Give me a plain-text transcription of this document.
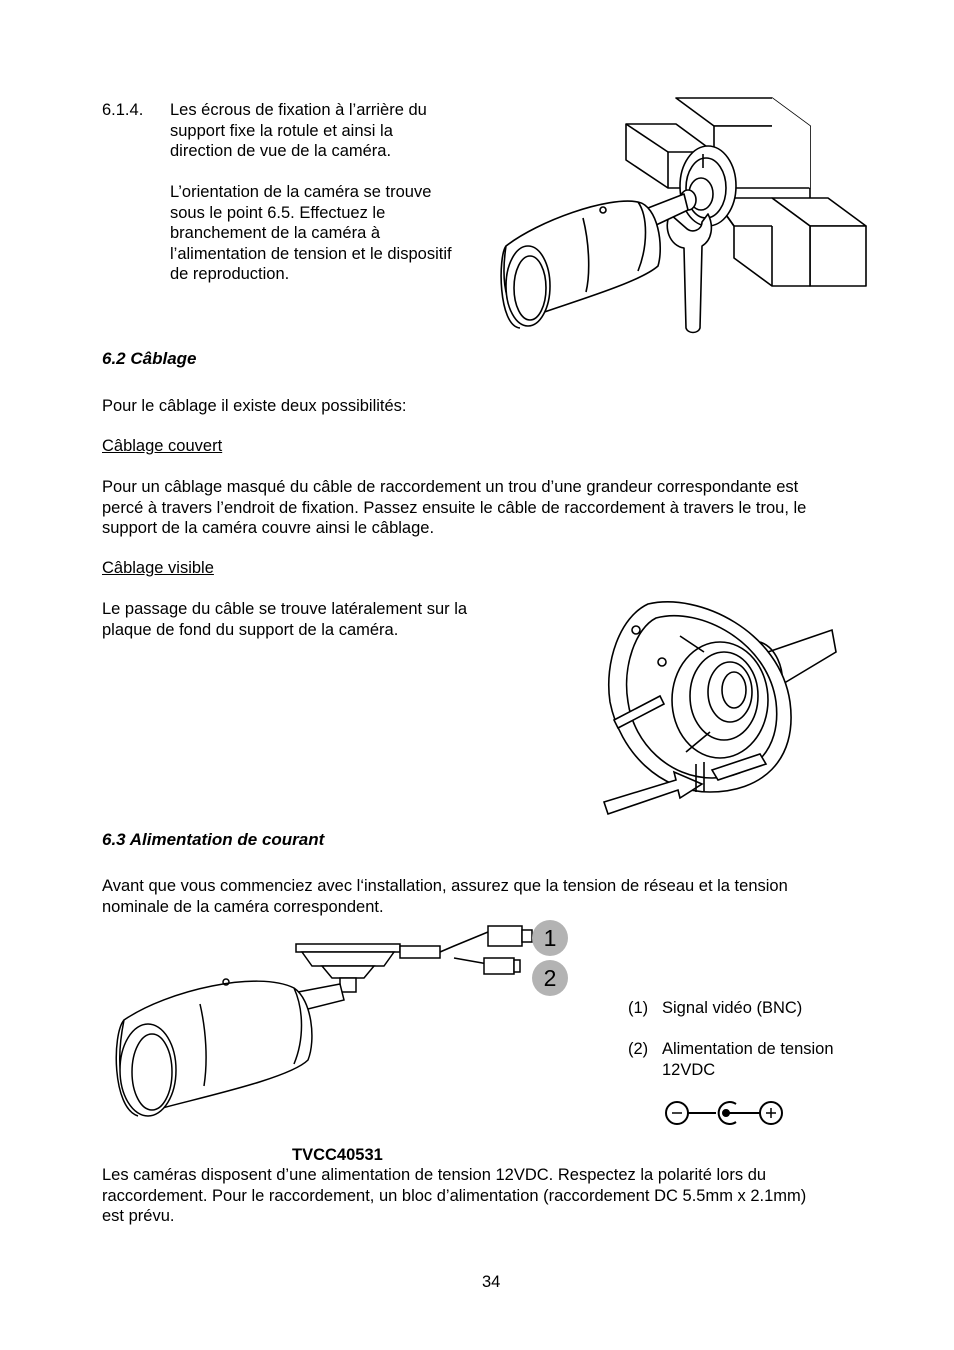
6.1.4. Les écrous de fixation à l’arrière du
support fixe la rotule et ainsi la
direction de vue de la caméra.
L’orientation de la caméra se trouve
sous le point 6.5. Effectuez le
branchement de la caméra à
l’alimentation de tension et le dispositif
de reproduction.
6.2 Câblage
Pour le câblage il existe deux possibilités:
Câblage couvert
Pour un câblage masqué du câble de raccordement un trou d’une grandeur correspondante est
percé à travers l’endroit de fixation. Passez ensuite le câble de raccordement à travers le trou, le
support de la caméra couvre ainsi le câblage.
Câblage visible
Le passage du câble se trouve latéralement sur la
plaque de fond du support de la caméra.
6.3 Alimentation de courant
Avant que vous commenciez avec l‘installation, assurez que la tension de réseau et la tension
nominale de la caméra correspondent.
1
2
(1) Signal vidéo (BNC)
(2) Alimentation de tension
12VDC
TVCC40531
Les caméras disposent d’une alimentation de tension 12VDC. Respectez la polarité lors du
raccordement. Pour le raccordement, un bloc d’alimentation (raccordement DC 5.5mm x 2.1mm)
est prévu.
34
